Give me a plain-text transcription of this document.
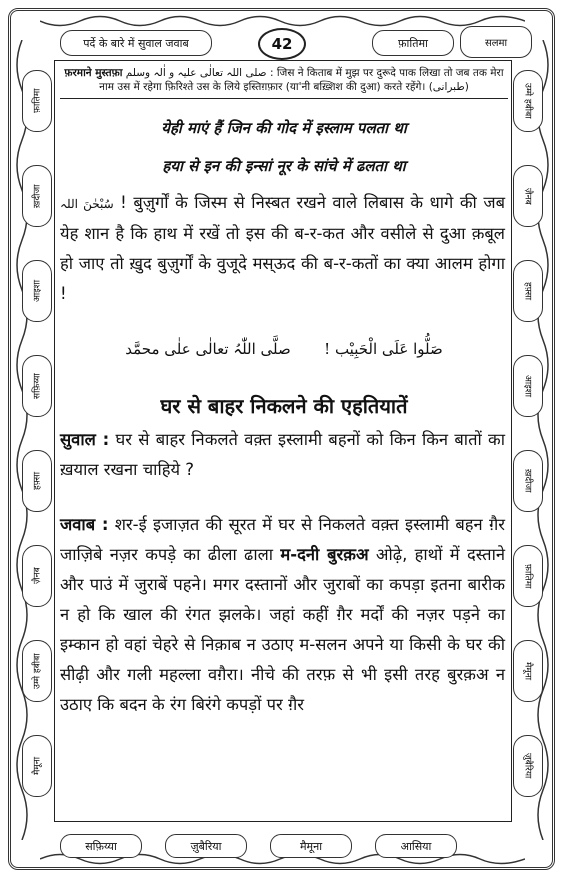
पर्दे के बारे में सुवाल जवाब	42	फ़ातिमा	सलमा
फ़ातिमा
ख़दीजा
आइशा
सफ़िय्या
हफ़्सा
ज़ैनब
उम्मे हबीबा
मैमूना
उम्मे हबीबा
ज़ैनब
हफ़्सा
आइशा
ख़दीजा
फ़ातिमा
मैमूना
ज़ुबैरिया
फ़रमाने मुस्तफ़ा صلی اللہ تعالٰی علیہ و اٰلہ وسلم : जिस ने किताब में मुझ पर दुरूदे पाक लिखा तो जब तक मेरा नाम उस में रहेगा फ़िरिश्ते उस के लिये इस्तिग़फ़ार (या'नी बख़्शिश की दुआ) करते रहेंगे। (طبرانی)
येही माएं हैं जिन की गोद में इस्लाम पलता था
हया से इन की इन्सां नूर के सांचे में ढलता था
سُبْحٰنَ اللہ ! बुज़ुर्गों के जिस्म से निस्बत रखने वाले लिबास के धागे की जब येह शान है कि हाथ में रखें तो इस की ब-र-कत और वसीले से दुआ क़बूल हो जाए तो ख़ुद बुज़ुर्गों के वुजूदे मस्ऊद की ब-र-कतों का क्या आलम होगा !
صَلُّوا عَلَی الْحَبِیْب !       صلَّی اللّٰہُ تعالٰی علٰی محمَّد
घर से बाहर निकलने की एहतियातें
सुवाल : घर से बाहर निकलते वक़्त इस्लामी बहनों को किन किन बातों का ख़याल रखना चाहिये ?
जवाब : शर-ई इजाज़त की सूरत में घर से निकलते वक़्त इस्लामी बहन ग़ैर जाज़िबे नज़र कपड़े का ढीला ढाला म-दनी बुरक़अ ओढ़े, हाथों में दस्ताने और पाउं में जुराबें पहने। मगर दस्तानों और जुराबों का कपड़ा इतना बारीक न हो कि खाल की रंगत झलके। जहां कहीं ग़ैर मर्दों की नज़र पड़ने का इम्कान हो वहां चेहरे से निक़ाब न उठाए म-सलन अपने या किसी के घर की सीढ़ी और गली महल्ला वग़ैरा। नीचे की तरफ़ से भी इसी तरह बुरक़अ न उठाए कि बदन के रंग बिरंगे कपड़ों पर ग़ैर
सफ़िय्या	ज़ुबैरिया	मैमूना	आसिया
